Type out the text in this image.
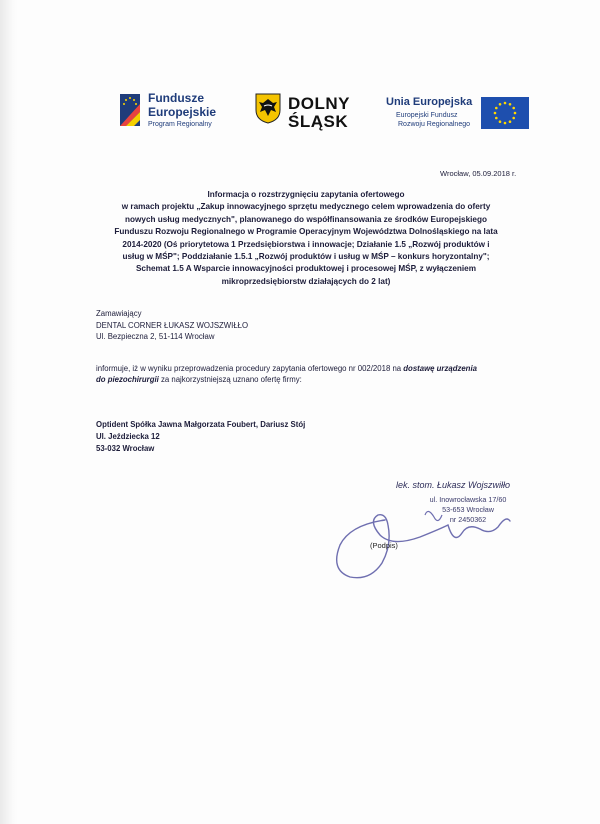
Fundusze
Europejskie
Program Regionalny
DOLNY
ŚLĄSK
Unia Europejska
Europejski Fundusz
Rozwoju Regionalnego
Wrocław, 05.09.2018 r.
Informacja o rozstrzygnięciu zapytania ofertowego
w ramach projektu „Zakup innowacyjnego sprzętu medycznego celem wprowadzenia do oferty
nowych usług medycznych", planowanego do współfinansowania ze środków Europejskiego
Funduszu Rozwoju Regionalnego w Programie Operacyjnym Województwa Dolnośląskiego na lata
2014-2020 (Oś priorytetowa 1 Przedsiębiorstwa i innowacje; Działanie 1.5 „Rozwój produktów i
usług w MŚP"; Poddziałanie 1.5.1 „Rozwój produktów i usług w MŚP – konkurs horyzontalny";
Schemat 1.5 A Wsparcie innowacyjności produktowej i procesowej MŚP, z wyłączeniem
mikroprzedsiębiorstw działających do 2 lat)
Zamawiający
DENTAL CORNER ŁUKASZ WOJSZWIŁŁO
Ul. Bezpieczna 2, 51-114 Wrocław
informuje, iż w wyniku przeprowadzenia procedury zapytania ofertowego nr 002/2018 na dostawę urządzenia
do piezochirurgii za najkorzystniejszą uznano ofertę firmy:
Optident Spółka Jawna Małgorzata Foubert, Dariusz Stój
Ul. Jeździecka 12
53-032 Wrocław
lek. stom. Łukasz Wojszwiłło
ul. Inowrocławska 17/60
53-653 Wrocław
nr 2450362
(Podpis)
